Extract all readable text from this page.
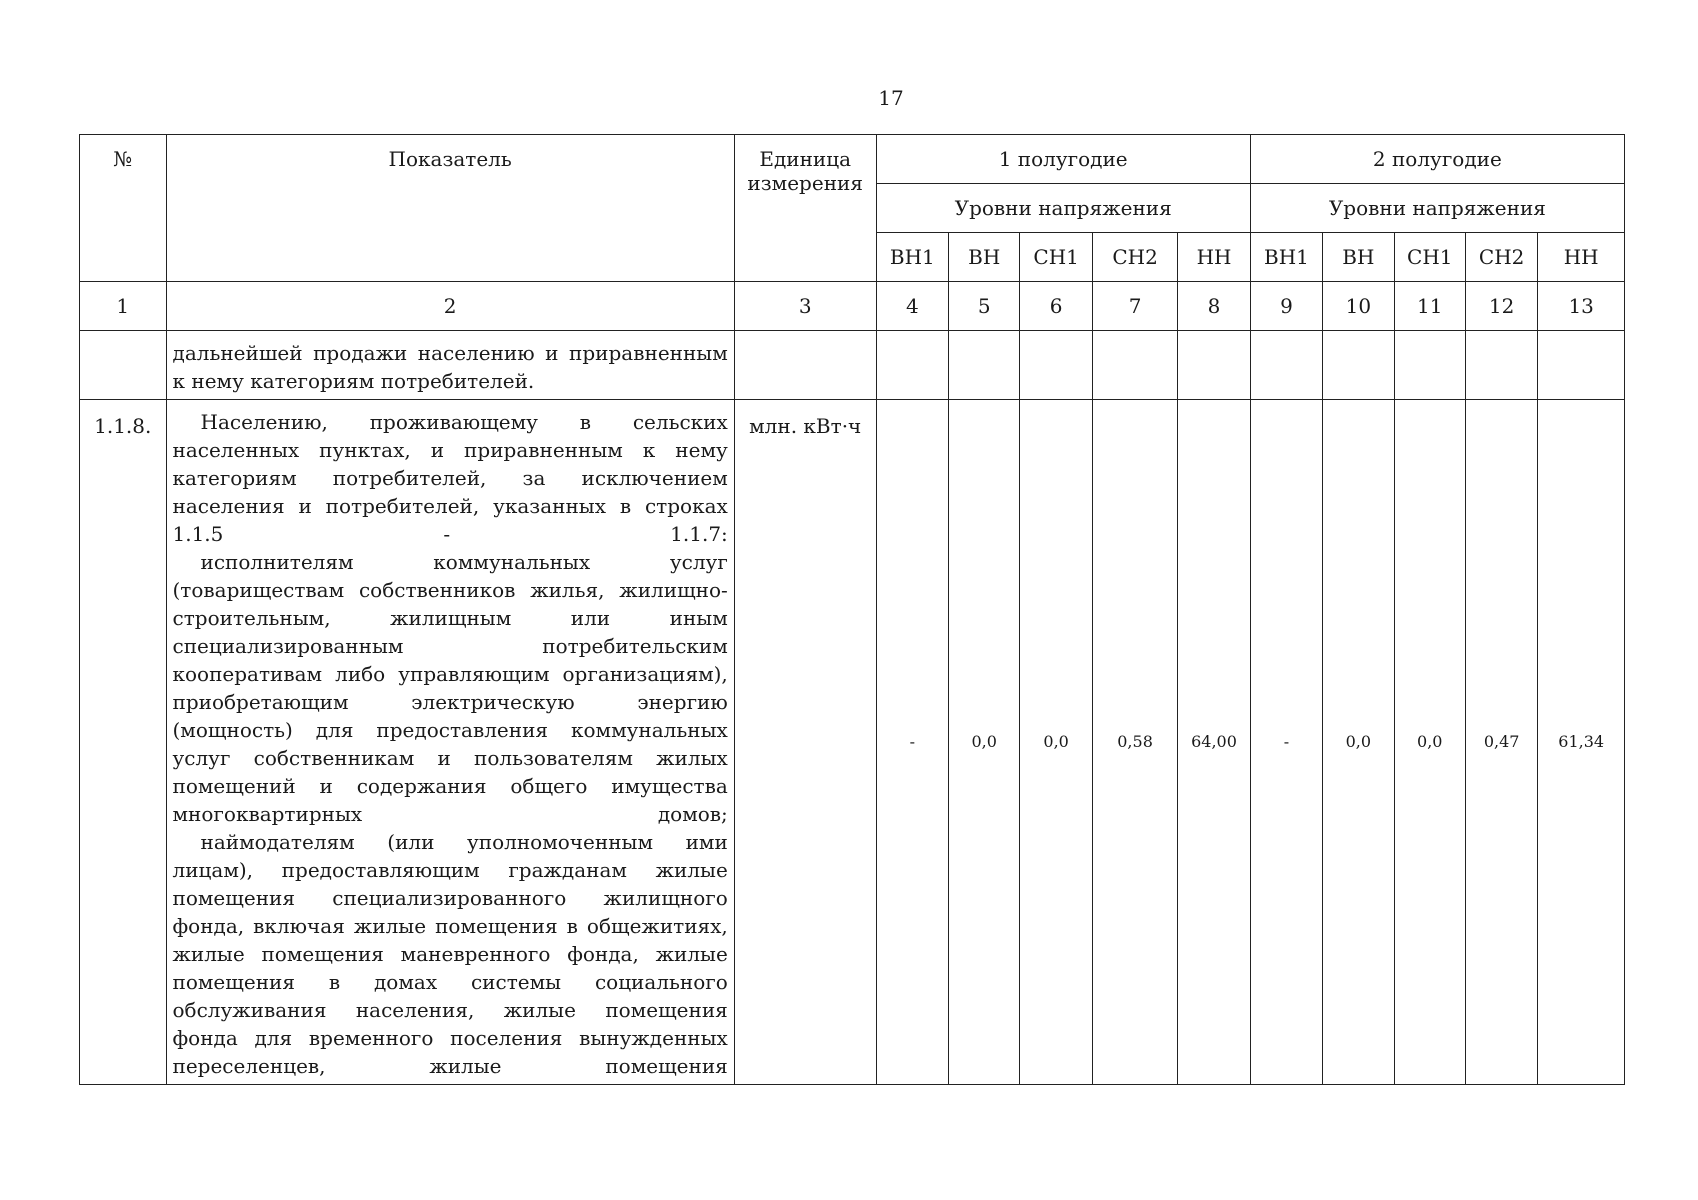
17
№	Показатель	Единица измерения	1 полугодие					2 полугодие				
			Уровни напряжения					Уровни напряжения				
			ВН1	ВН	СН1	СН2	НН	ВН1	ВН	СН1	СН2	НН
1	2	3	4	5	6	7	8	9	10	11	12	13

	дальнейшей продажи населению и приравненным к нему категориям потребителей.											

1.1.8.	Населению, проживающему в сельских населенных пунктах, и приравненным к нему категориям потребителей, за исключением населения и потребителей, указанных в строках 1.1.5 - 1.1.7:

исполнителям коммунальных услуг (товариществам собственников жилья, жилищно-строительным, жилищным или иным специализированным потребительским кооперативам либо управляющим организациям), приобретающим электрическую энергию (мощность) для предоставления коммунальных услуг собственникам и пользователям жилых помещений и содержания общего имущества многоквартирных домов;

наймодателям (или уполномоченным ими лицам), предоставляющим гражданам жилые помещения специализированного жилищного фонда, включая жилые помещения в общежитиях, жилые помещения маневренного фонда, жилые помещения в домах системы социального обслуживания населения, жилые помещения фонда для временного поселения вынужденных переселенцев, жилые помещения	млн. кВт·ч	-	0,0	0,0	0,58	64,00	-	0,0	0,0	0,47	61,34
